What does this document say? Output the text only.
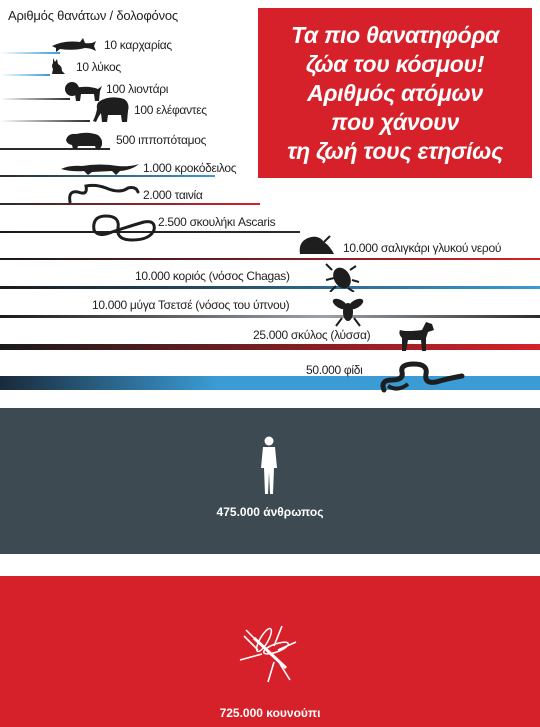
Αριθμός θανάτων / δολοφόνος
Τα πιο θανατηφόρα
ζώα του κόσμου!
Αριθμός ατόμων
που χάνουν
τη ζωή τους ετησίως
10 καρχαρίας
10 λύκος
100 λιοντάρι
100 ελέφαντες
500 ιπποπόταμος
1.000 κροκόδειλος
2.000 ταινία
2.500 σκουλήκι Ascaris
10.000 σαλιγκάρι γλυκού νερού
10.000 κοριός (νόσος Chagas)
10.000 μύγα Τσετσέ (νόσος του ύπνου)
25.000 σκύλος (λύσσα)
50.000 φίδι
475.000 άνθρωπος
725.000 κουνούπι
